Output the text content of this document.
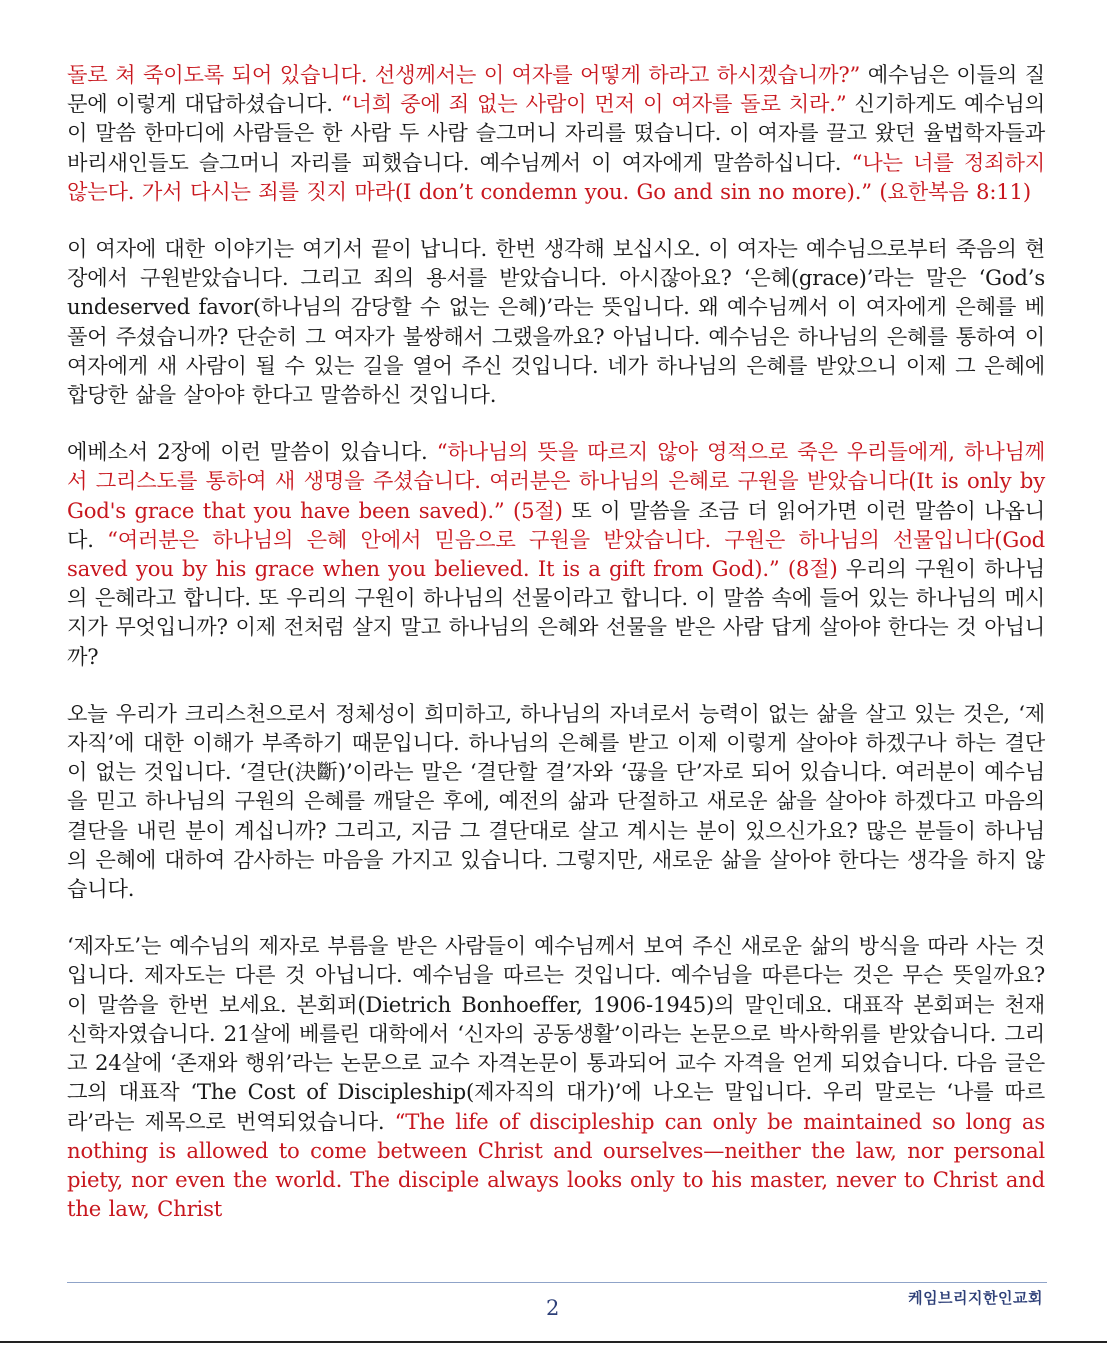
돌로 쳐 죽이도록 되어 있습니다. 선생께서는 이 여자를 어떻게 하라고 하시겠습니까?” 예수님은 이들의 질문에 이렇게 대답하셨습니다. “너희 중에 죄 없는 사람이 먼저 이 여자를 돌로 치라.” 신기하게도 예수님의 이 말씀 한마디에 사람들은 한 사람 두 사람 슬그머니 자리를 떴습니다. 이 여자를 끌고 왔던 율법학자들과 바리새인들도 슬그머니 자리를 피했습니다. 예수님께서 이 여자에게 말씀하십니다. “나는 너를 정죄하지 않는다. 가서 다시는 죄를 짓지 마라(I don’t condemn you. Go and sin no more).” (요한복음 8:11)

이 여자에 대한 이야기는 여기서 끝이 납니다. 한번 생각해 보십시오. 이 여자는 예수님으로부터 죽음의 현장에서 구원받았습니다. 그리고 죄의 용서를 받았습니다. 아시잖아요? ‘은혜(grace)’라는 말은 ‘God’s undeserved favor(하나님의 감당할 수 없는 은혜)’라는 뜻입니다. 왜 예수님께서 이 여자에게 은혜를 베풀어 주셨습니까? 단순히 그 여자가 불쌍해서 그랬을까요? 아닙니다. 예수님은 하나님의 은혜를 통하여 이 여자에게 새 사람이 될 수 있는 길을 열어 주신 것입니다. 네가 하나님의 은혜를 받았으니 이제 그 은혜에 합당한 삶을 살아야 한다고 말씀하신 것입니다.

에베소서 2장에 이런 말씀이 있습니다. “하나님의 뜻을 따르지 않아 영적으로 죽은 우리들에게, 하나님께서 그리스도를 통하여 새 생명을 주셨습니다. 여러분은 하나님의 은혜로 구원을 받았습니다(It is only by God's grace that you have been saved).” (5절) 또 이 말씀을 조금 더 읽어가면 이런 말씀이 나옵니다. “여러분은 하나님의 은혜 안에서 믿음으로 구원을 받았습니다. 구원은 하나님의 선물입니다(God saved you by his grace when you believed. It is a gift from God).” (8절) 우리의 구원이 하나님의 은혜라고 합니다. 또 우리의 구원이 하나님의 선물이라고 합니다. 이 말씀 속에 들어 있는 하나님의 메시지가 무엇입니까? 이제 전처럼 살지 말고 하나님의 은혜와 선물을 받은 사람 답게 살아야 한다는 것 아닙니까?

오늘 우리가 크리스천으로서 정체성이 희미하고, 하나님의 자녀로서 능력이 없는 삶을 살고 있는 것은, ‘제자직’에 대한 이해가 부족하기 때문입니다. 하나님의 은혜를 받고 이제 이렇게 살아야 하겠구나 하는 결단이 없는 것입니다. ‘결단(決斷)’이라는 말은 ‘결단할 결’자와 ‘끊을 단’자로 되어 있습니다. 여러분이 예수님을 믿고 하나님의 구원의 은혜를 깨달은 후에, 예전의 삶과 단절하고 새로운 삶을 살아야 하겠다고 마음의 결단을 내린 분이 계십니까? 그리고, 지금 그 결단대로 살고 계시는 분이 있으신가요? 많은 분들이 하나님의 은혜에 대하여 감사하는 마음을 가지고 있습니다. 그렇지만, 새로운 삶을 살아야 한다는 생각을 하지 않습니다.

‘제자도’는 예수님의 제자로 부름을 받은 사람들이 예수님께서 보여 주신 새로운 삶의 방식을 따라 사는 것입니다. 제자도는 다른 것 아닙니다. 예수님을 따르는 것입니다. 예수님을 따른다는 것은 무슨 뜻일까요? 이 말씀을 한번 보세요. 본회퍼(Dietrich Bonhoeffer, 1906-1945)의 말인데요. 대표작 본회퍼는 천재 신학자였습니다. 21살에 베를린 대학에서 ‘신자의 공동생활’이라는 논문으로 박사학위를 받았습니다. 그리고 24살에 ‘존재와 행위’라는 논문으로 교수 자격논문이 통과되어 교수 자격을 얻게 되었습니다. 다음 글은 그의 대표작 ‘The Cost of Discipleship(제자직의 대가)’에 나오는 말입니다. 우리 말로는 ‘나를 따르라’라는 제목으로 번역되었습니다. “The life of discipleship can only be maintained so long as nothing is allowed to come between Christ and ourselves—neither the law, nor personal piety, nor even the world. The disciple always looks only to his master, never to Christ and the law, Christ

케임브리지한인교회
2
